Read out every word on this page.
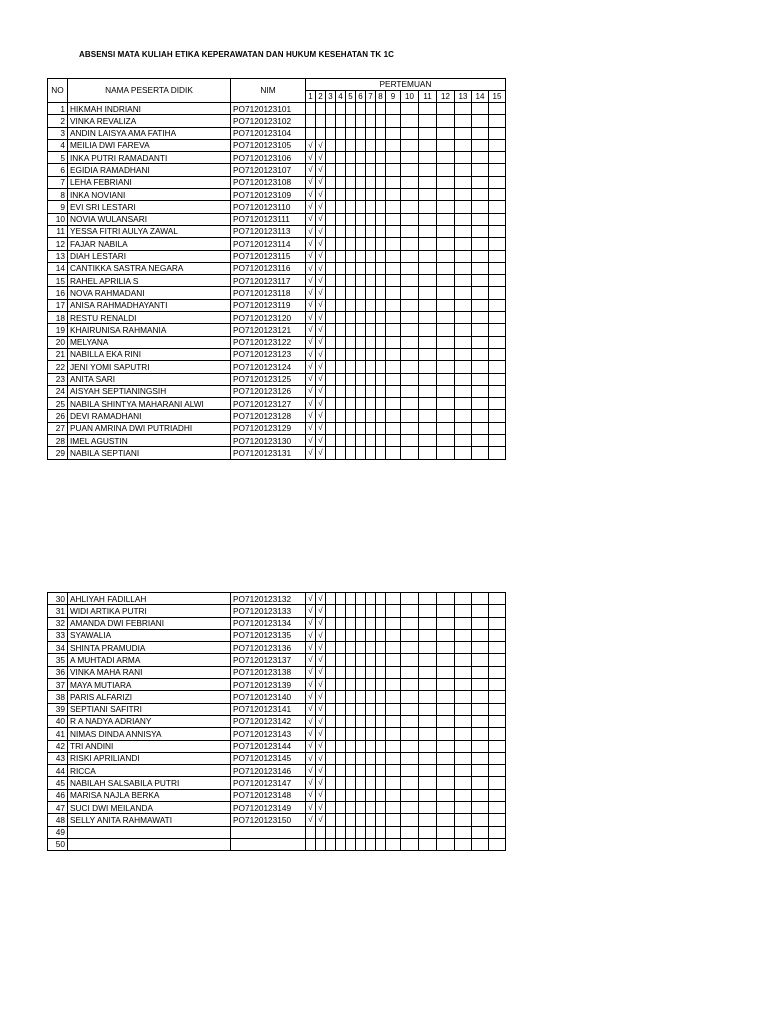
ABSENSI MATA KULIAH ETIKA KEPERAWATAN DAN HUKUM KESEHATAN TK 1C
NO	NAMA PESERTA DIDIK	NIM	PERTEMUAN														
			1	2	3	4	5	6	7	8	9	10	11	12	13	14	15
1	HIKMAH INDRIANI	PO7120123101															
2	VINKA REVALIZA	PO7120123102															
3	ANDIN LAISYA AMA FATIHA	PO7120123104															
4	MEILIA DWI FAREVA	PO7120123105	√	√													
5	INKA PUTRI RAMADANTI	PO7120123106	√	√													
6	EGIDIA RAMADHANI	PO7120123107	√	√													
7	LEHA FEBRIANI	PO7120123108	√	√													
8	INKA NOVIANI	PO7120123109	√	√													
9	EVI SRI LESTARI	PO7120123110	√	√													
10	NOVIA WULANSARI	PO7120123111	√	√													
11	YESSA FITRI AULYA ZAWAL	PO7120123113	√	√													
12	FAJAR NABILA	PO7120123114	√	√													
13	DIAH LESTARI	PO7120123115	√	√													
14	CANTIKKA SASTRA NEGARA	PO7120123116	√	√													
15	RAHEL APRILIA S	PO7120123117	√	√													
16	NOVA RAHMADANI	PO7120123118	√	√													
17	ANISA RAHMADHAYANTI	PO7120123119	√	√													
18	RESTU RENALDI	PO7120123120	√	√													
19	KHAIRUNISA RAHMANIA	PO7120123121	√	√													
20	MELYANA	PO7120123122	√	√													
21	NABILLA EKA RINI	PO7120123123	√	√													
22	JENI YOMI SAPUTRI	PO7120123124	√	√													
23	ANITA SARI	PO7120123125	√	√													
24	AISYAH SEPTIANINGSIH	PO7120123126	√	√													
25	NABILA SHINTYA MAHARANI ALWI	PO7120123127	√	√													
26	DEVI RAMADHANI	PO7120123128	√	√													
27	PUAN AMRINA DWI PUTRIADHI	PO7120123129	√	√													
28	IMEL AGUSTIN	PO7120123130	√	√													
29	NABILA SEPTIANI	PO7120123131	√	√													
30	AHLIYAH FADILLAH	PO7120123132	√	√													
31	WIDI ARTIKA PUTRI	PO7120123133	√	√													
32	AMANDA DWI FEBRIANI	PO7120123134	√	√													
33	SYAWALIA	PO7120123135	√	√													
34	SHINTA PRAMUDIA	PO7120123136	√	√													
35	A MUHTADI ARMA	PO7120123137	√	√													
36	VINKA MAHA RANI	PO7120123138	√	√													
37	MAYA MUTIARA	PO7120123139	√	√													
38	PARIS ALFARIZI	PO7120123140	√	√													
39	SEPTIANI SAFITRI	PO7120123141	√	√													
40	R A NADYA ADRIANY	PO7120123142	√	√													
41	NIMAS DINDA ANNISYA	PO7120123143	√	√													
42	TRI ANDINI	PO7120123144	√	√													
43	RISKI APRILIANDI	PO7120123145	√	√													
44	RICCA	PO7120123146	√	√													
45	NABILAH SALSABILA PUTRI	PO7120123147	√	√													
46	MARISA NAJLA BERKA	PO7120123148	√	√													
47	SUCI DWI MEILANDA	PO7120123149	√	√													
48	SELLY ANITA RAHMAWATI	PO7120123150	√	√													
49																	
50																	
